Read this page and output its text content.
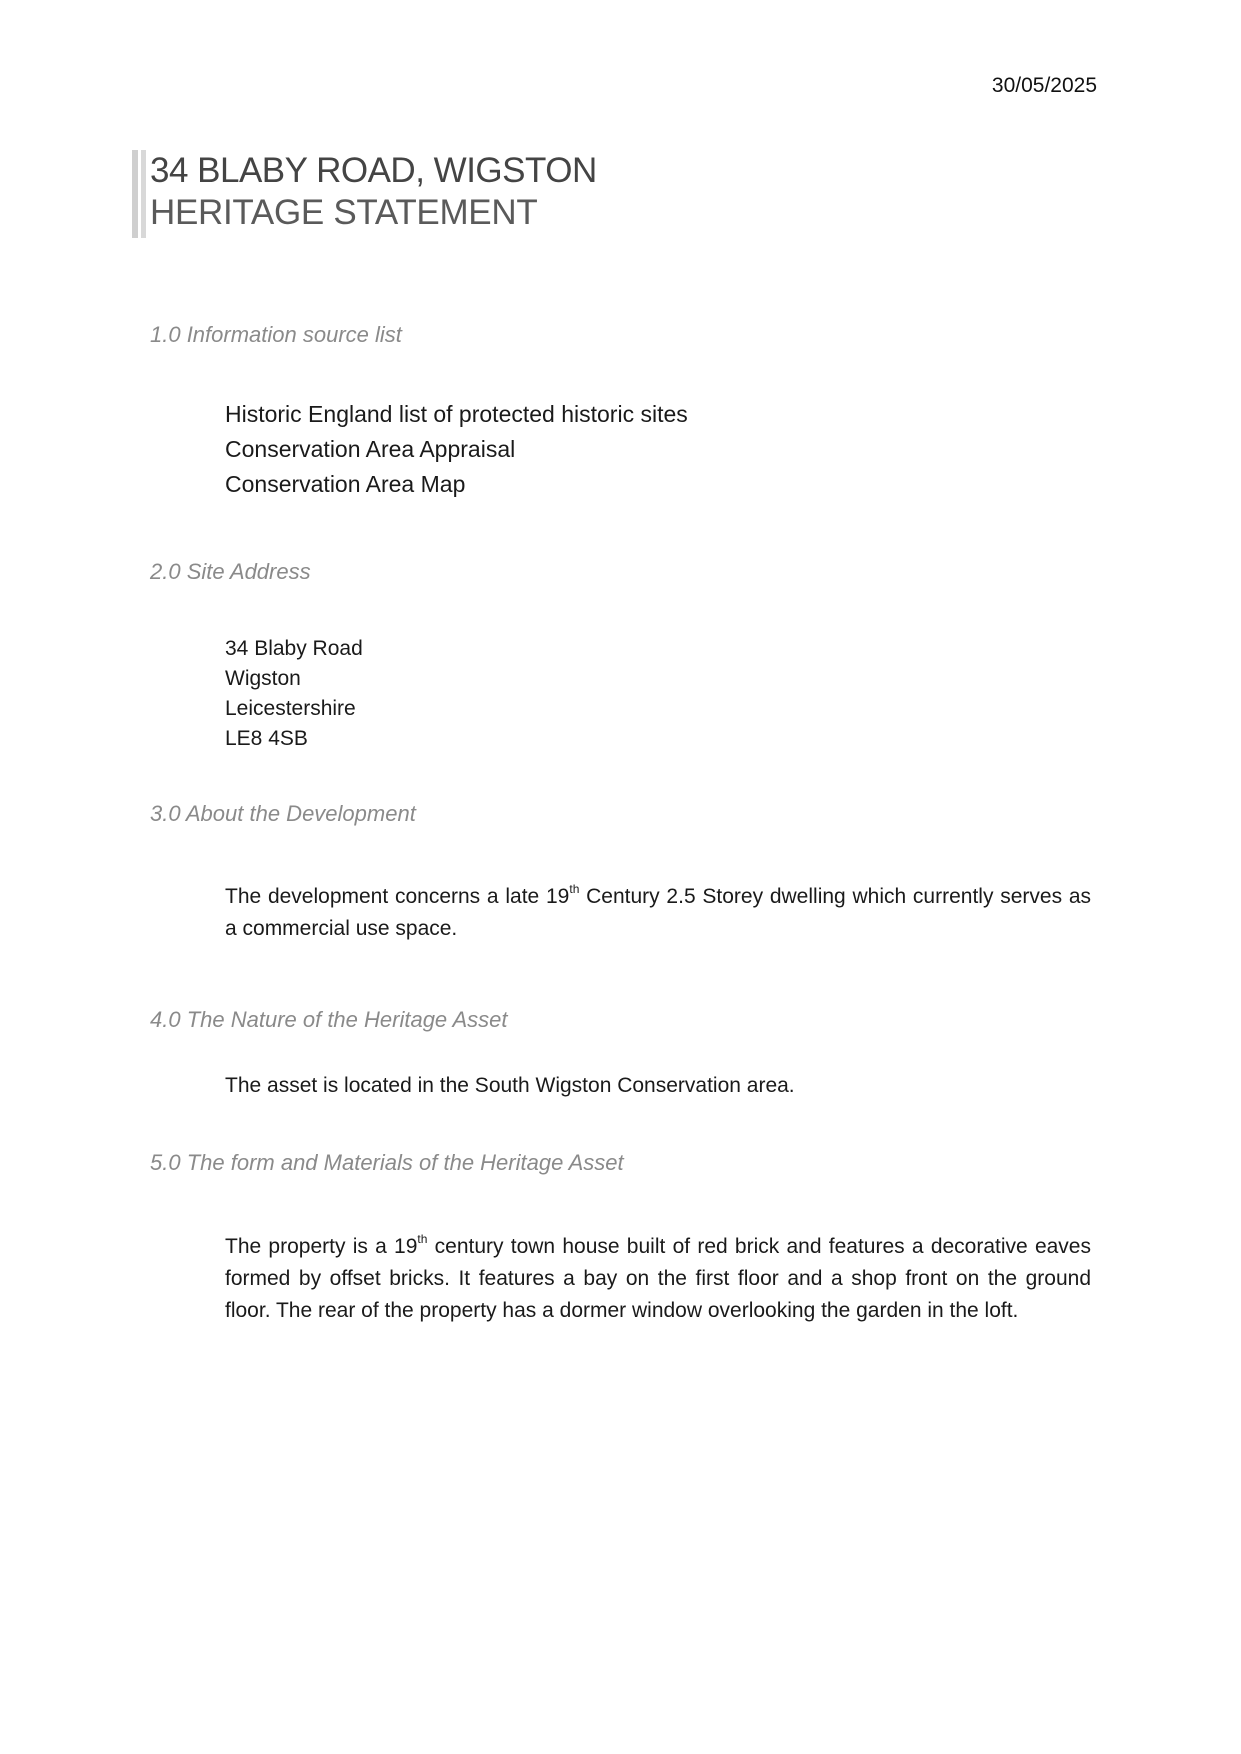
30/05/2025
34 BLABY ROAD, WIGSTON
HERITAGE STATEMENT
1.0 Information source list
Historic England list of protected historic sites
Conservation Area Appraisal
Conservation Area Map
2.0 Site Address
34 Blaby Road
Wigston
Leicestershire
LE8 4SB
3.0 About the Development
The development concerns a late 19th Century 2.5 Storey dwelling which currently serves as a commercial use space.
4.0 The Nature of the Heritage Asset
The asset is located in the South Wigston Conservation area.
5.0 The form and Materials of the Heritage Asset
The property is a 19th century town house built of red brick and features a decorative eaves formed by offset bricks. It features a bay on the first floor and a shop front on the ground floor. The rear of the property has a dormer window overlooking the garden in the loft.
